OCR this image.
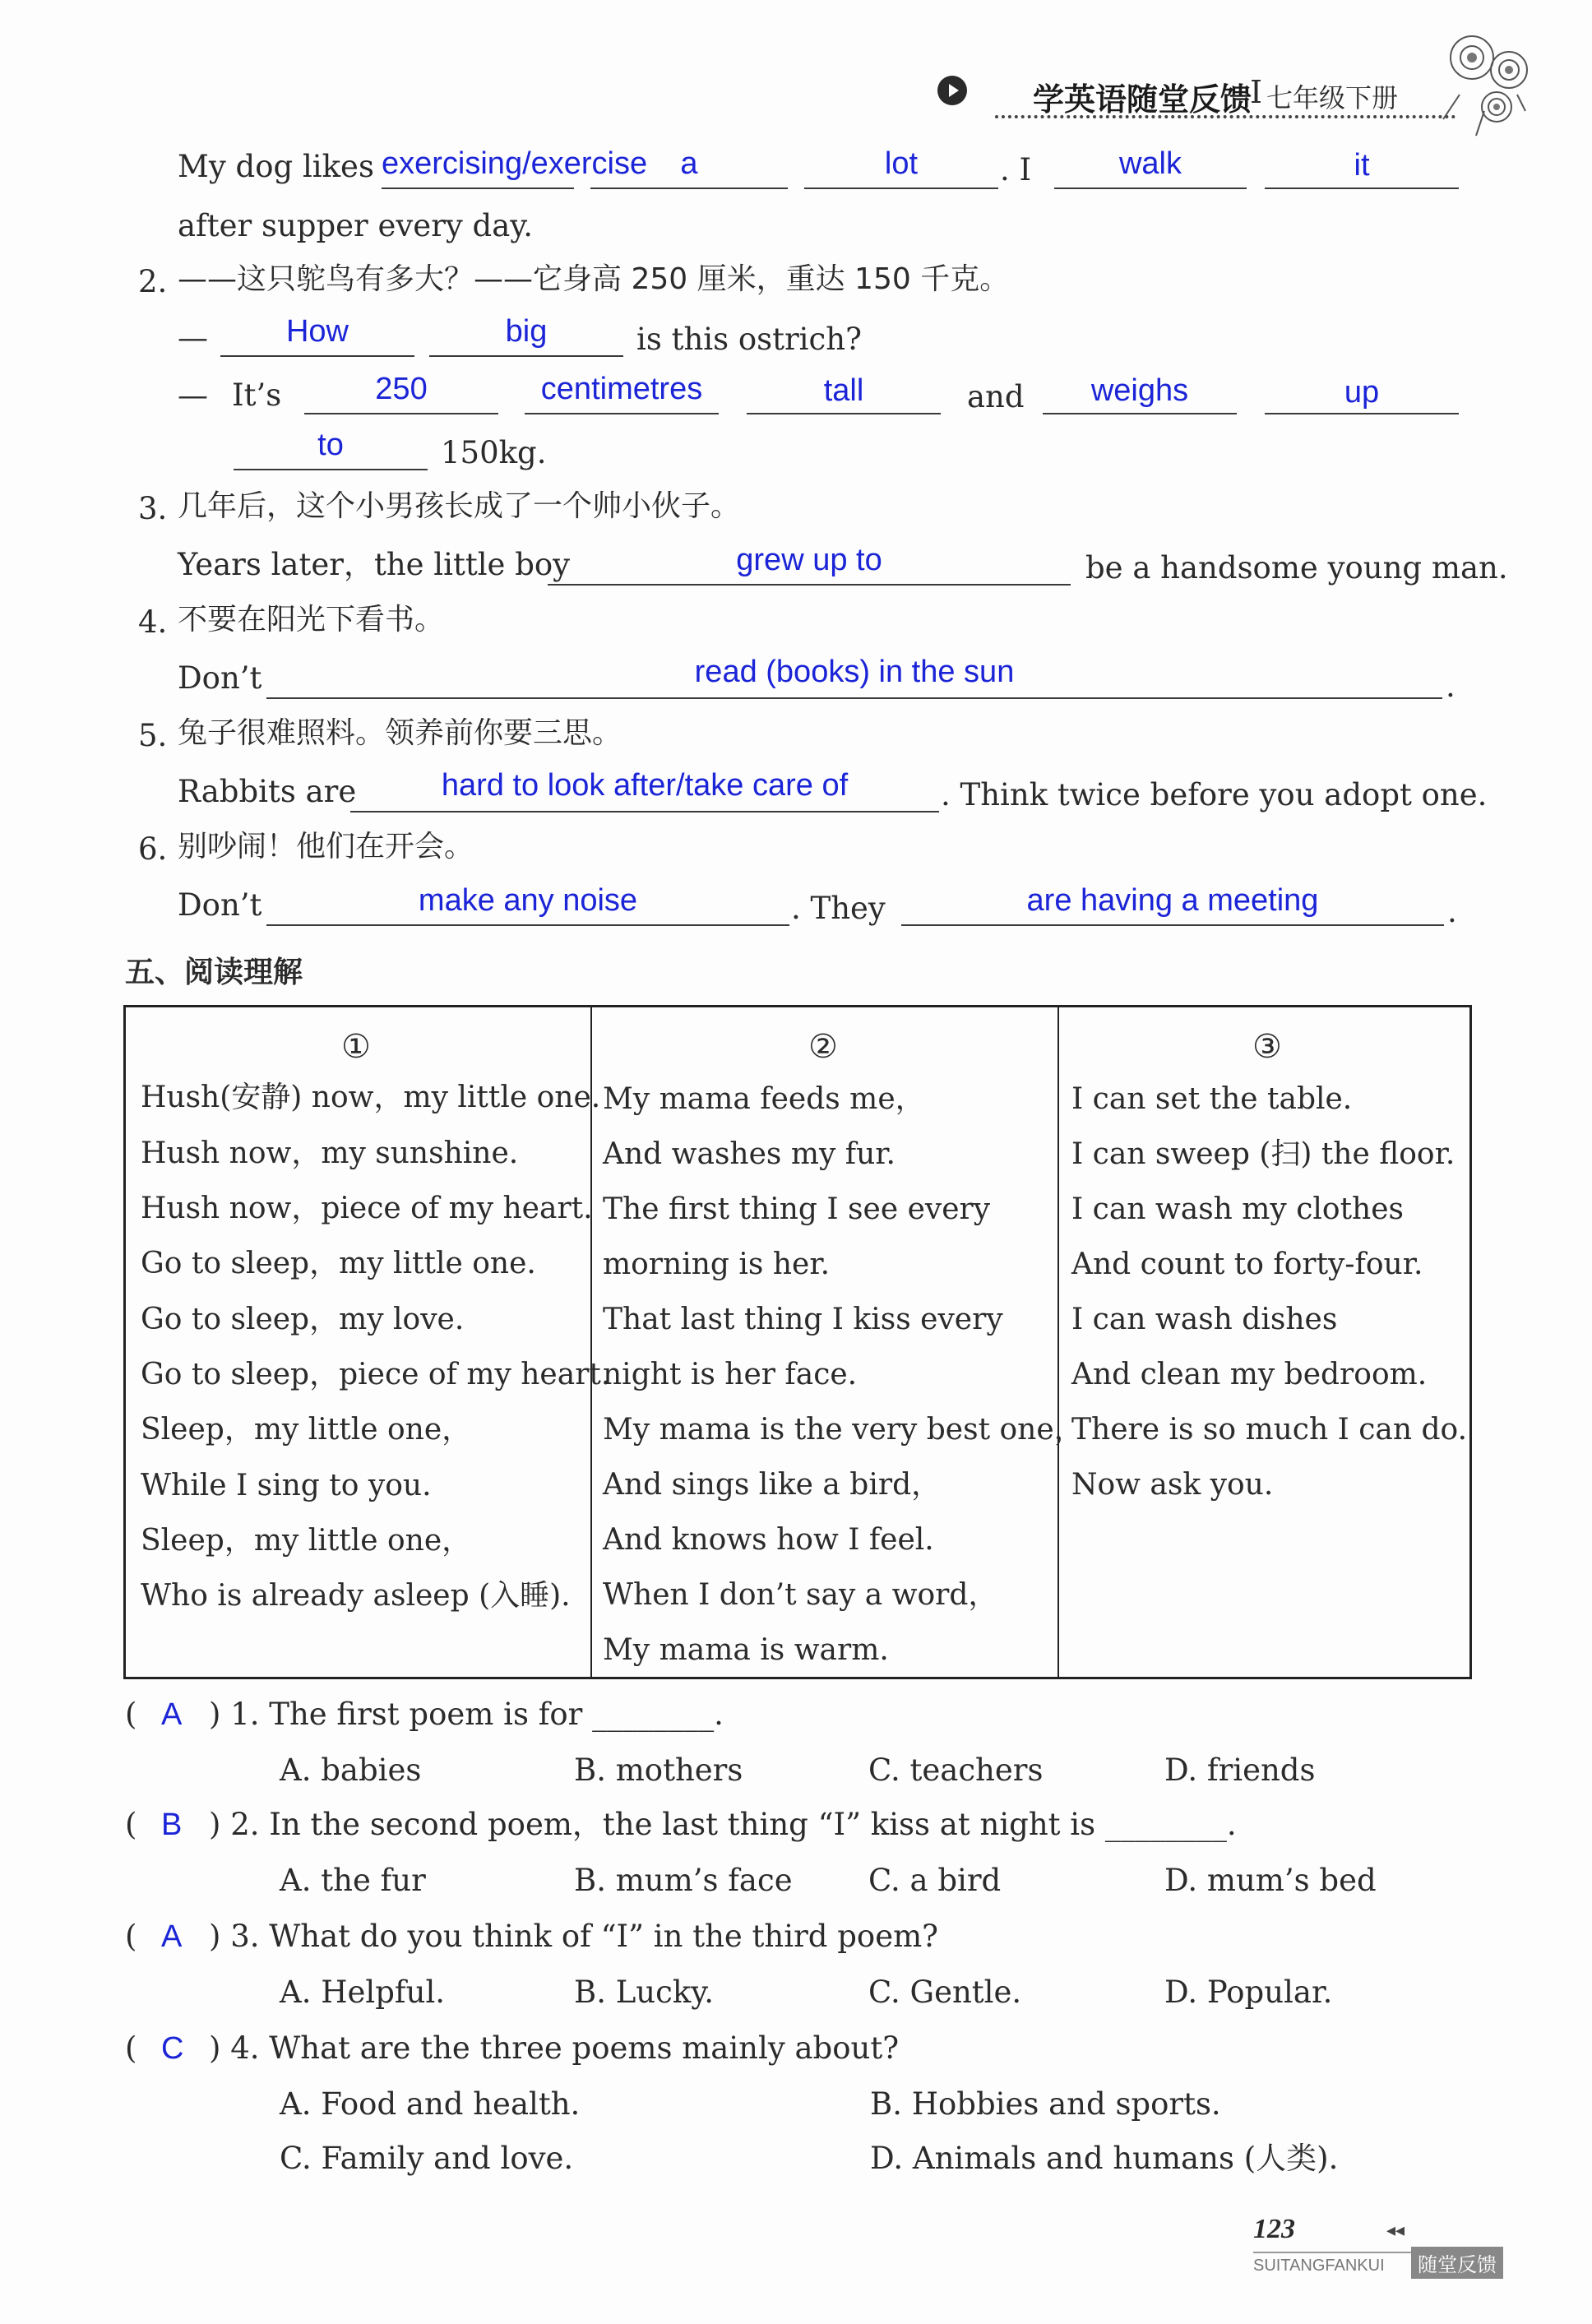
学英语随堂反馈
I 七年级下册
My dog likes exercising/exercise	a	lot	. I	walk	it
after supper every day.
2. ——这只鸵鸟有多大？——它身高 250 厘米，重达 150 千克。
—	How	big	is this ostrich?
— It’s	250	centimetres	tall	and	weighs	up
to	150kg.
3. 几年后，这个小男孩长成了一个帅小伙子。
Years later，the little boy	grew up to	be a handsome young man.
4. 不要在阳光下看书。
Don’t	read (books) in the sun	.
5. 兔子很难照料。领养前你要三思。
Rabbits are	hard to look after/take care of	. Think twice before you adopt one.
6. 别吵闹！他们在开会。
Don’t	make any noise	. They	are having a meeting	.
五、阅读理解
①	②	③
Hush(安静) now，my little one.
Hush now，my sunshine.
Hush now，piece of my heart.
Go to sleep，my little one.
Go to sleep，my love.
Go to sleep，piece of my heart.
Sleep，my little one，
While I sing to you.
Sleep，my little one，
Who is already asleep (入睡).
My mama feeds me，
And washes my fur.
The first thing I see every
morning is her.
That last thing I kiss every
night is her face.
My mama is the very best one，
And sings like a bird，
And knows how I feel.
When I don’t say a word，
My mama is warm.
I can set the table.
I can sweep (扫) the floor.
I can wash my clothes
And count to forty-four.
I can wash dishes
And clean my bedroom.
There is so much I can do.
Now ask you.
( A ) 1. The first poem is for ________.
A. babies	B. mothers	C. teachers	D. friends
( B ) 2. In the second poem，the last thing “I” kiss at night is ________.
A. the fur	B. mum’s face C. a bird	D. mum’s bed
( A ) 3. What do you think of “I” in the third poem?
A. Helpful.	B. Lucky.	C. Gentle.	D. Popular.
( C ) 4. What are the three poems mainly about?
A. Food and health.	B. Hobbies and sports.
C. Family and love.	D. Animals and humans (人类).
123	◂◂
SUITANGFANKUI	随堂反馈
